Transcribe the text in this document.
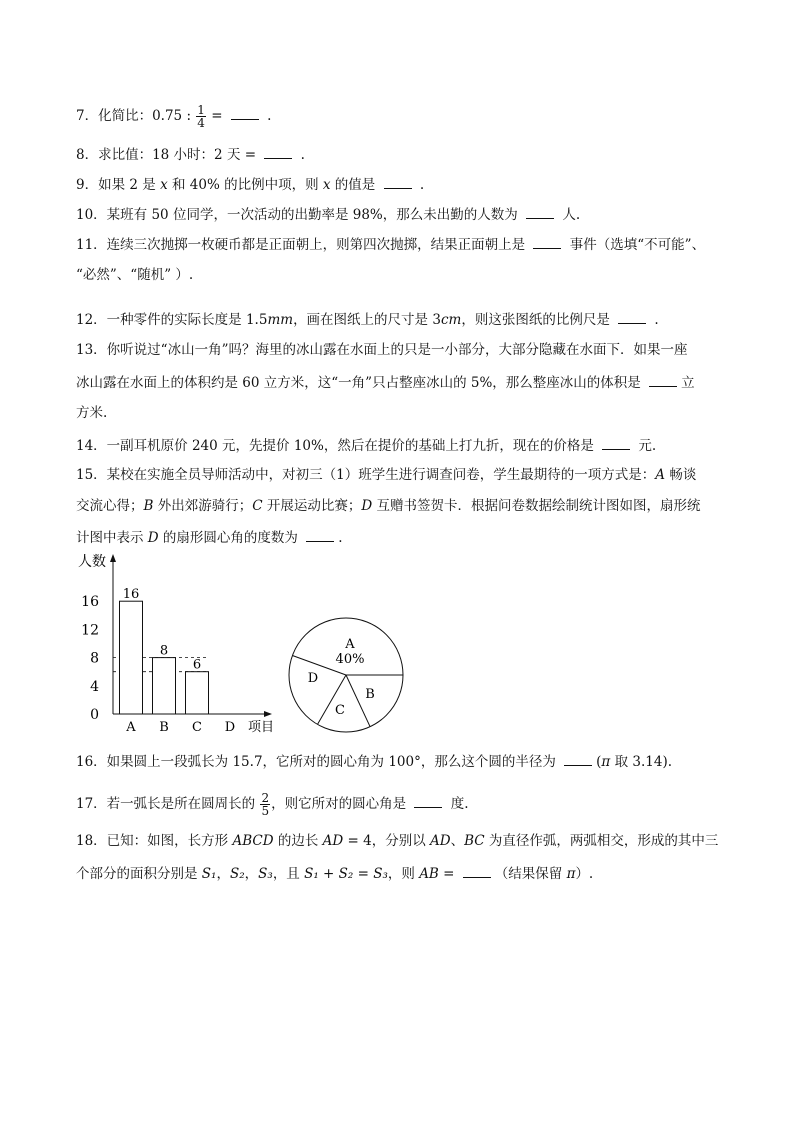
7．化简比：0.75 : $\frac{1}{4}$ =	.
8．求比值：18 小时：2 天 =	.
9．如果 2 是 x 和 40% 的比例中项，则 x 的值是	.
10．某班有 50 位同学，一次活动的出勤率是 98%，那么未出勤的人数为	人.
11．连续三次抛掷一枚硬币都是正面朝上，则第四次抛掷，结果正面朝上是	事件（选填“不可能”、
“必然”、“随机” ）.
12．一种零件的实际长度是 1.5mm，画在图纸上的尺寸是 3cm，则这张图纸的比例尺是	.
13．你听说过“冰山一角”吗？海里的冰山露在水面上的只是一小部分，大部分隐藏在水面下．如果一座
冰山露在水面上的体积约是 60 立方米，这“一角”只占整座冰山的 5%，那么整座冰山的体积是	立
方米.
14．一副耳机原价 240 元，先提价 10%，然后在提价的基础上打九折，现在的价格是	元.
15．某校在实施全员导师活动中，对初三（1）班学生进行调查问卷，学生最期待的一项方式是：A 畅谈
交流心得；B 外出郊游骑行；C 开展运动比赛；D 互赠书签贺卡．根据问卷数据绘制统计图如图，扇形统
计图中表示 D 的扇形圆心角的度数为	.
人数
项目
0
4
8
12
16 16
A
8
B
6
C D
A
40%
B
C
D
16．如果圆上一段弧长为 15.7，它所对的圆心角为 100°，那么这个圆的半径为	(π 取 3.14).
17．若一弧长是所在圆周长的 $\frac{2}{5}$ ，则它所对的圆心角是	度.
18．已知：如图，长方形 ABCD 的边长 AD = 4，分别以 AD、BC 为直径作弧，两弧相交，形成的其中三
个部分的面积分别是 S₁，S₂，S₃，且 S₁ + S₂ = S₃，则 AB =	（结果保留 π）.
